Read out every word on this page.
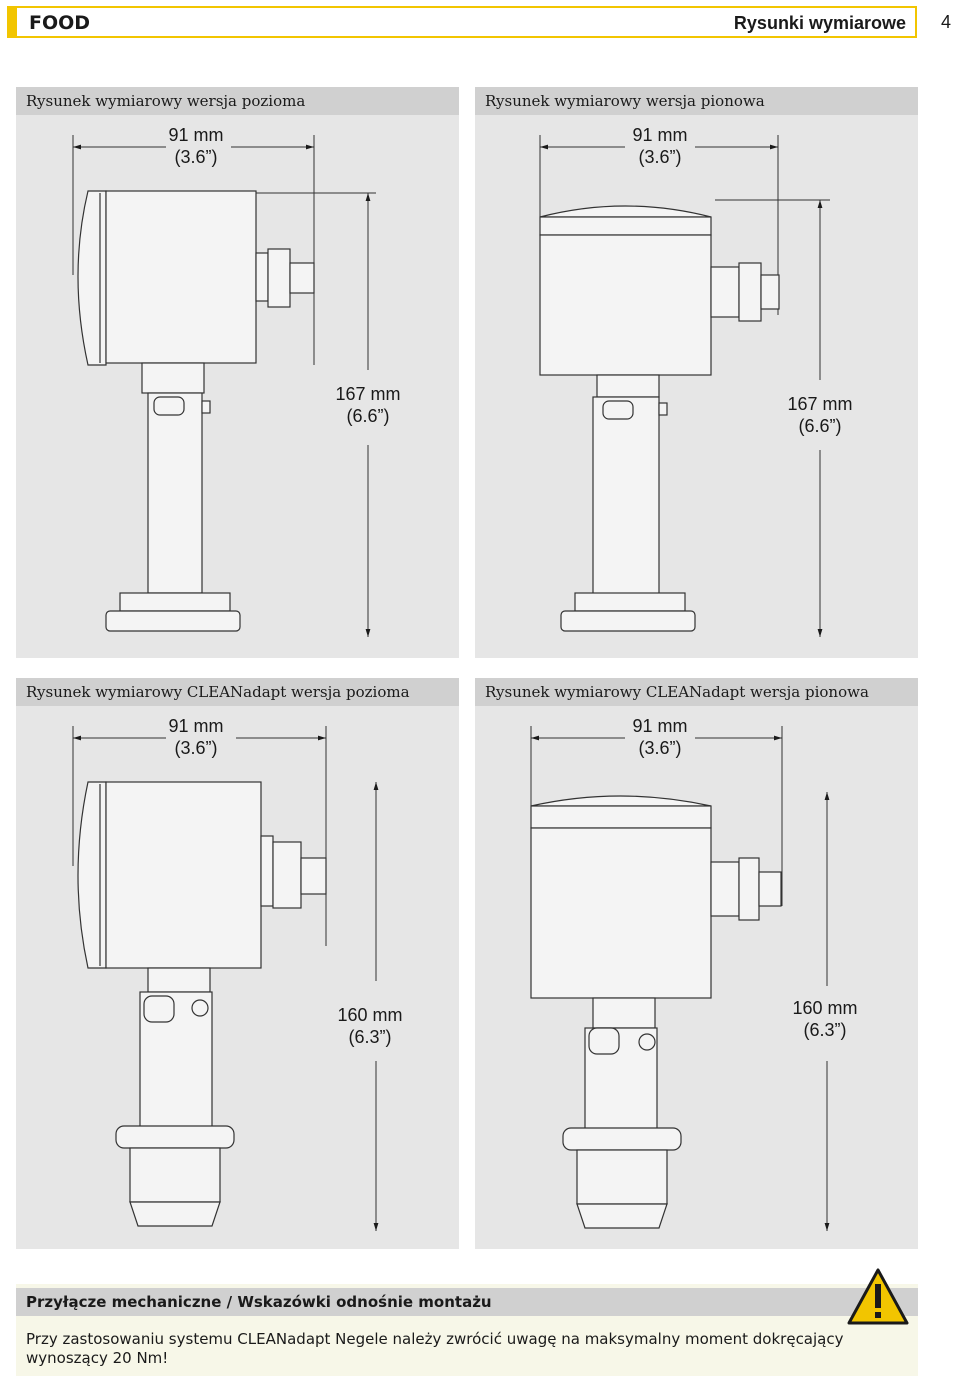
FOOD	Rysunki wymiarowe 4
Rysunek wymiarowy wersja pozioma
91 mm
(3.6”)
167 mm
(6.6”)
Rysunek wymiarowy wersja pionowa
91 mm
(3.6”)
167 mm
(6.6”)
Rysunek wymiarowy CLEANadapt wersja pozioma
91 mm
(3.6”)
160 mm
(6.3”)
Rysunek wymiarowy CLEANadapt wersja pionowa
91 mm
(3.6”)
160 mm
(6.3”)
Przyłącze mechaniczne / Wskazówki odnośnie montażu
Przy zastosowaniu systemu CLEANadapt Negele należy zwrócić uwagę na maksymalny moment dokręcający wynoszący 20 Nm!
